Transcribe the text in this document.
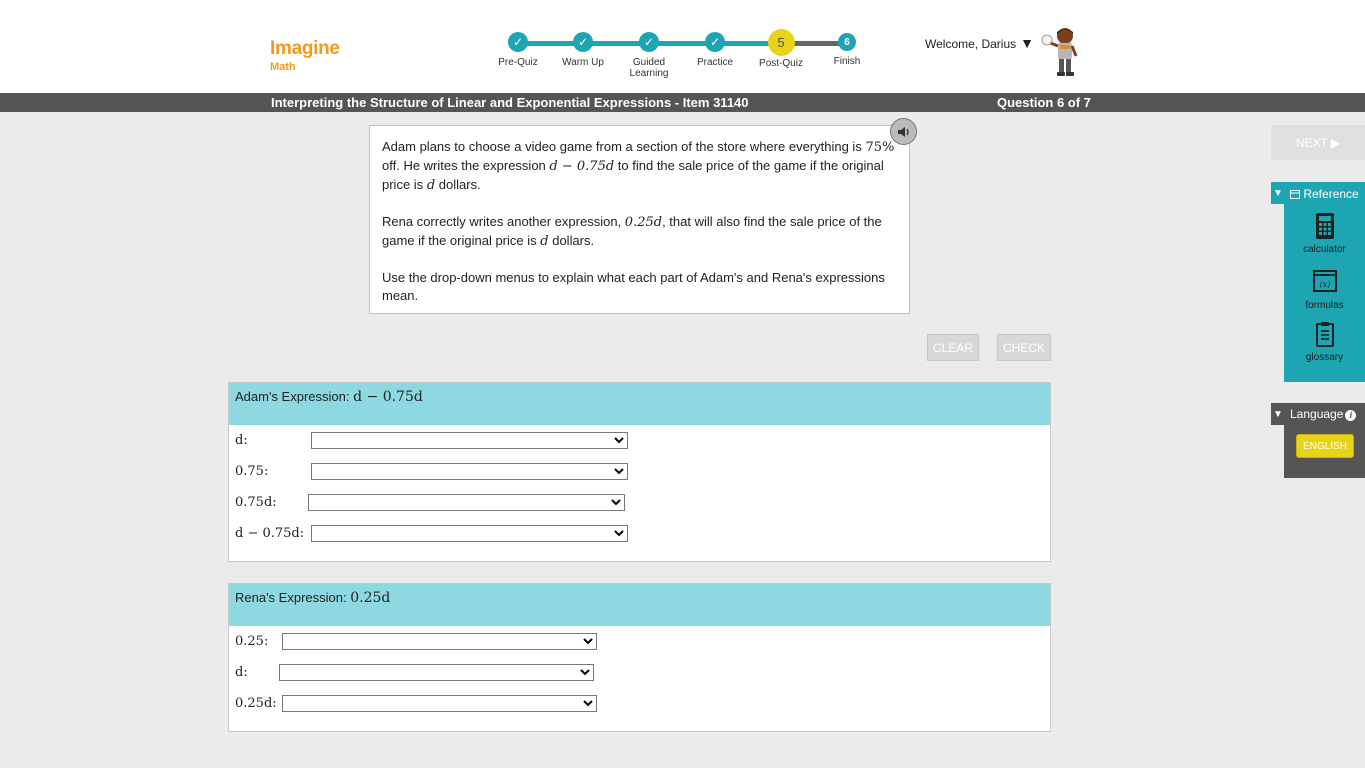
Imagine
Math
✓
Pre-Quiz
✓
Warm Up
✓
Guided Learning
✓
Practice
5
Post-Quiz
6
Finish
Welcome, Darius ▼
Interpreting the Structure of Linear and Exponential Expressions - Item 31140	Question 6 of 7

Adam plans to choose a video game from a section of the store where everything is 75% off. He writes the expression d − 0.75d to find the sale price of the game if the original price is d dollars.

Rena correctly writes another expression, 0.25d, that will also find the sale price of the game if the original price is d dollars.

Use the drop-down menus to explain what each part of Adam's and Rena's expressions mean.

CLEAR	CHECK
Adam's Expression: d − 0.75d
d:
0.75:
0.75d:
d − 0.75d:
Rena's Expression: 0.25d
0.25:
d:
0.25d:
NEXT ▶
▼	Reference
calculator
(x)
formulas
glossary
▼ Language i
ENGLISH
